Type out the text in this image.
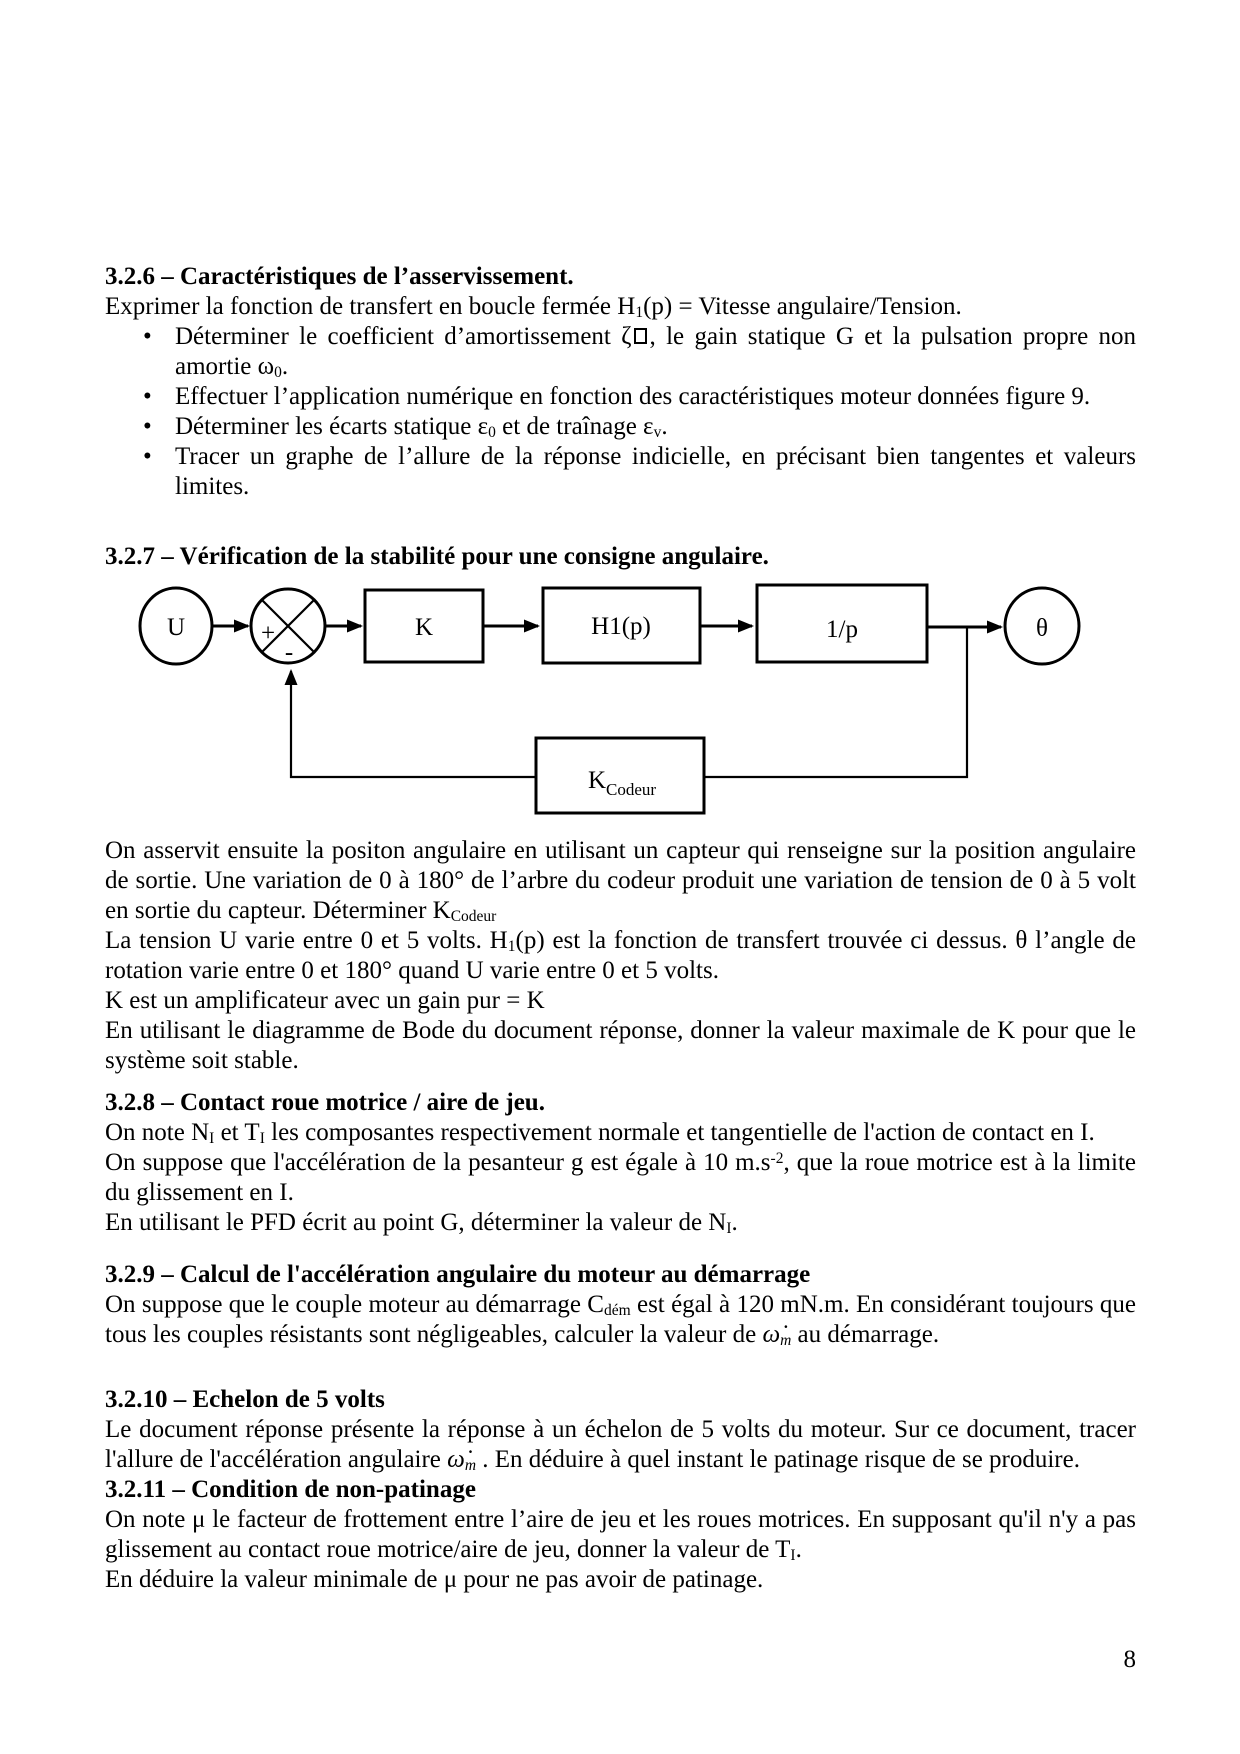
3.2.6 – Caractéristiques de l’asservissement.

Exprimer la fonction de transfert en boucle fermée $H_1(p)$ = Vitesse angulaire/Tension.

• Déterminer le coefficient d’amortissement ζ , le gain statique G et la pulsation propre non amortie $\omega_0$.
• Effectuer l’application numérique en fonction des caractéristiques moteur données figure 9.
• Déterminer les écarts statique $\varepsilon_0$ et de traînage $\varepsilon_v$.
• Tracer un graphe de l’allure de la réponse indicielle, en précisant bien tangentes et valeurs limites.
3.2.7 – Vérification de la stabilité pour une consigne angulaire.
U	+
-
K	H1(p)	1/p	θ
K Codeur

On asservit ensuite la positon angulaire en utilisant un capteur qui renseigne sur la position angulaire de sortie. Une variation de 0 à 180° de l’arbre du codeur produit une variation de tension de 0 à 5 volt en sortie du capteur. Déterminer $K_{Codeur}$

La tension U varie entre 0 et 5 volts. $H_1(p)$ est la fonction de transfert trouvée ci dessus. θ l’angle de rotation varie entre 0 et 180° quand U varie entre 0 et 5 volts.

K est un amplificateur avec un gain pur = K

En utilisant le diagramme de Bode du document réponse, donner la valeur maximale de K pour que le système soit stable.

3.2.8 – Contact roue motrice / aire de jeu.

On note $N_I$ et $T_I$ les composantes respectivement normale et tangentielle de l'action de contact en I.

On suppose que l'accélération de la pesanteur g est égale à 10 $m.s^{-2}$, que la roue motrice est à la limite du glissement en I.

En utilisant le PFD écrit au point G, déterminer la valeur de $N_I$.

3.2.9 – Calcul de l'accélération angulaire du moteur au démarrage

On suppose que le couple moteur au démarrage $C_{dém}$ est égal à 120 mN.m. En considérant toujours que tous les couples résistants sont négligeables, calculer la valeur de $\omegȧ_m$ au démarrage.

3.2.10 – Echelon de 5 volts

Le document réponse présente la réponse à un échelon de 5 volts du moteur. Sur ce document, tracer l'allure de l'accélération angulaire $\omegȧ_m$ . En déduire à quel instant le patinage risque de se produire.

3.2.11 – Condition de non-patinage

On note μ le facteur de frottement entre l’aire de jeu et les roues motrices. En supposant qu'il n'y a pas glissement au contact roue motrice/aire de jeu, donner la valeur de $T_I$.

En déduire la valeur minimale de μ pour ne pas avoir de patinage.

8
